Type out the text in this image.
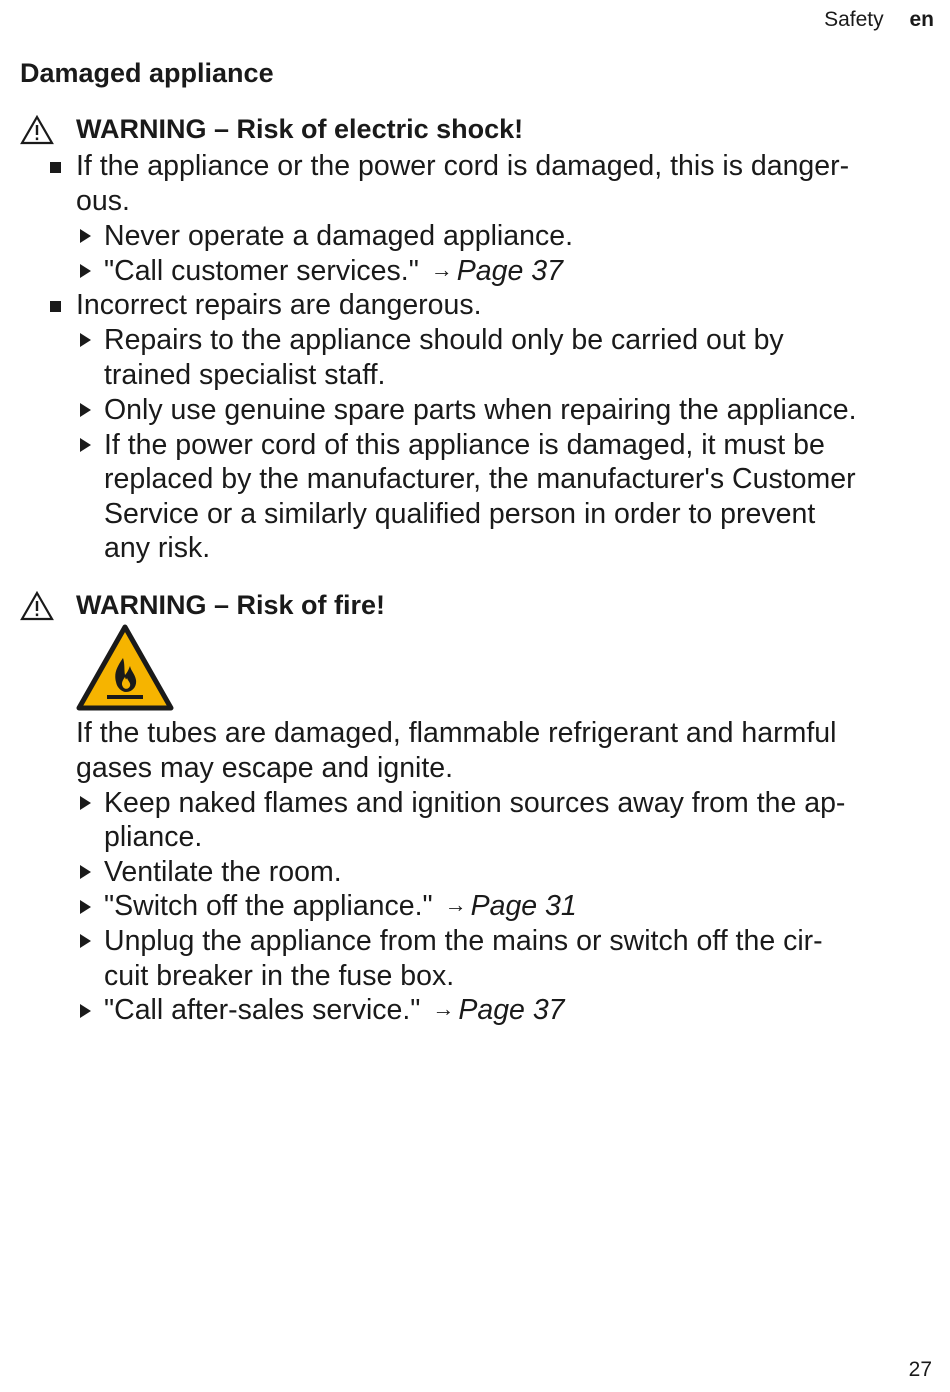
Safety en
Damaged appliance
WARNING – Risk of electric shock!
If the appliance or the power cord is damaged, this is danger-
ous.
Never operate a damaged appliance.
"Call customer services." → Page 37
Incorrect repairs are dangerous.
Repairs to the appliance should only be carried out by
trained specialist staff.
Only use genuine spare parts when repairing the appliance.
If the power cord of this appliance is damaged, it must be
replaced by the manufacturer, the manufacturer's Customer
Service or a similarly qualified person in order to prevent
any risk.
WARNING – Risk of fire!
If the tubes are damaged, flammable refrigerant and harmful
gases may escape and ignite.
Keep naked flames and ignition sources away from the ap-
pliance.
Ventilate the room.
"Switch off the appliance." → Page 31
Unplug the appliance from the mains or switch off the cir-
cuit breaker in the fuse box.
"Call after-sales service." → Page 37
27
